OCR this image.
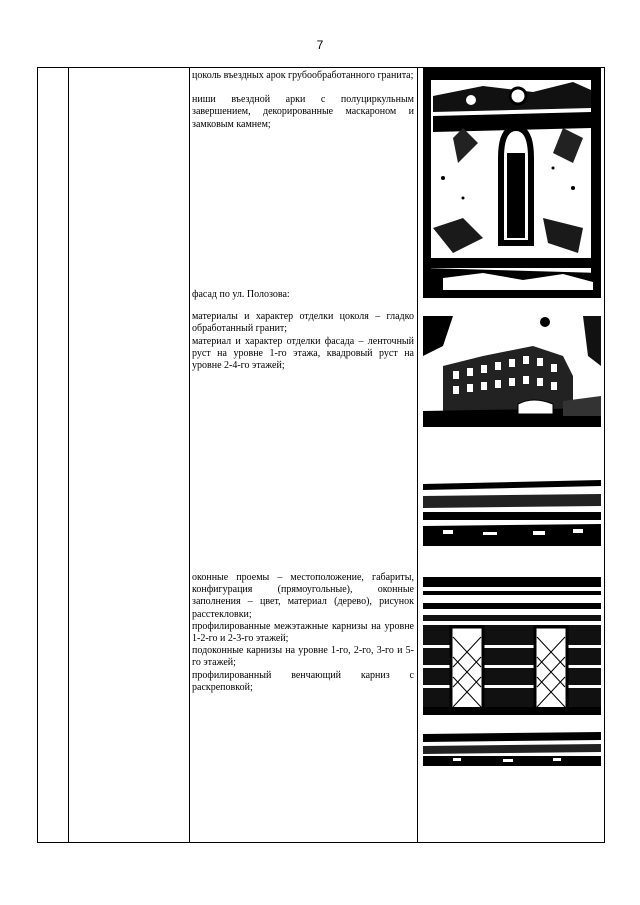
7

цоколь въездных арок грубообработанного гранита;

ниши въездной арки с полуциркульным завершением, декорированные маскароном и замковым камнем;

фасад по ул. Полозова:

материалы и характер отделки цоколя – гладко обработанный гранит;

материал и характер отделки фасада – ленточный руст на уровне 1-го этажа, квадровый руст на уровне 2-4-го этажей;

оконные проемы – местоположение, габариты, конфигурация (прямоугольные), оконные заполнения – цвет, материал (дерево), рисунок расстекловки;

профилированные межэтажные карнизы на уровне 1-2-го и 2-3-го этажей;

подоконные карнизы на уровне 1-го, 2-го, 3-го и 5-го этажей;

профилированный венчающий карниз с раскреповкой;
